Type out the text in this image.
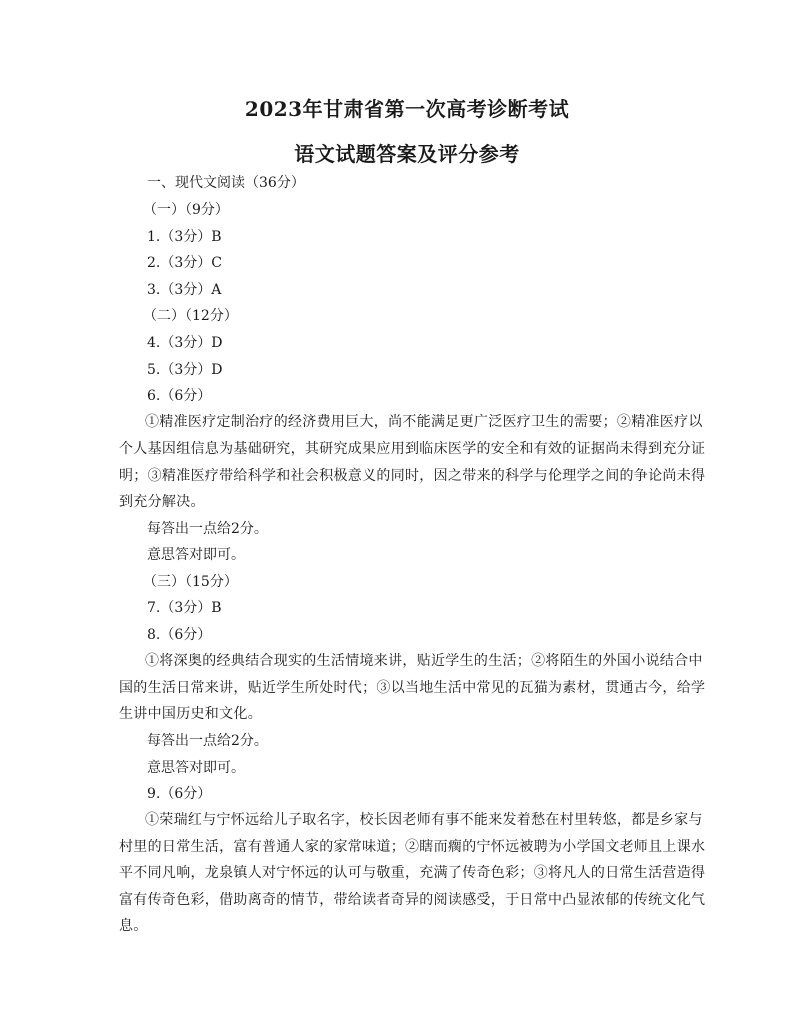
2023年甘肃省第一次高考诊断考试
语文试题答案及评分参考
一、现代文阅读（36分）
（一）（9分）
1.（3分）B
2.（3分）C
3.（3分）A
（二）（12分）
4.（3分）D
5.（3分）D
6.（6分）
①精准医疗定制治疗的经济费用巨大，尚不能满足更广泛医疗卫生的需要；②精准医疗以
个人基因组信息为基础研究，其研究成果应用到临床医学的安全和有效的证据尚未得到充分证
明；③精准医疗带给科学和社会积极意义的同时，因之带来的科学与伦理学之间的争论尚未得
到充分解决。
每答出一点给2分。
意思答对即可。
（三）（15分）
7.（3分）B
8.（6分）
①将深奥的经典结合现实的生活情境来讲，贴近学生的生活；②将陌生的外国小说结合中
国的生活日常来讲，贴近学生所处时代；③以当地生活中常见的瓦猫为素材，贯通古今，给学
生讲中国历史和文化。
每答出一点给2分。
意思答对即可。
9.（6分）
①荣瑞红与宁怀远给儿子取名字，校长因老师有事不能来发着愁在村里转悠，都是乡家与
村里的日常生活，富有普通人家的家常味道；②瞎而瘸的宁怀远被聘为小学国文老师且上课水
平不同凡响，龙泉镇人对宁怀远的认可与敬重，充满了传奇色彩；③将凡人的日常生活营造得
富有传奇色彩，借助离奇的情节，带给读者奇异的阅读感受，于日常中凸显浓郁的传统文化气
息。
